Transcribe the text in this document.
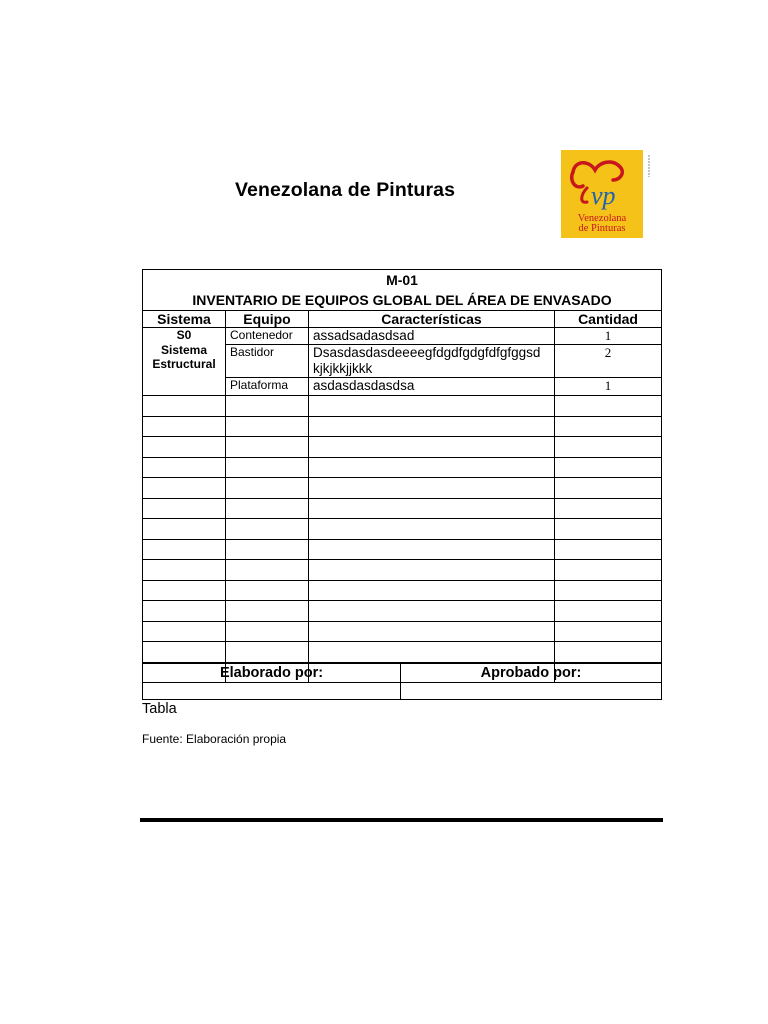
Venezolana de Pinturas	vp
Venezolana
de Pinturas
M-01
INVENTARIO DE EQUIPOS GLOBAL DEL ÁREA DE ENVASADO			

Sistema	Equipo	Características	Cantidad

S0
Sistema
Estructural	Contenedor	assadsadasdsad	1
	Bastidor	Dsasdasdasdeeeegfdgdfgdgfdfgfggsd kjkjkkjjkkk	2
	Plataforma	asdasdasdasdsa	1

Elaborado por:	Aprobado por:

Tabla
Fuente: Elaboración propia
